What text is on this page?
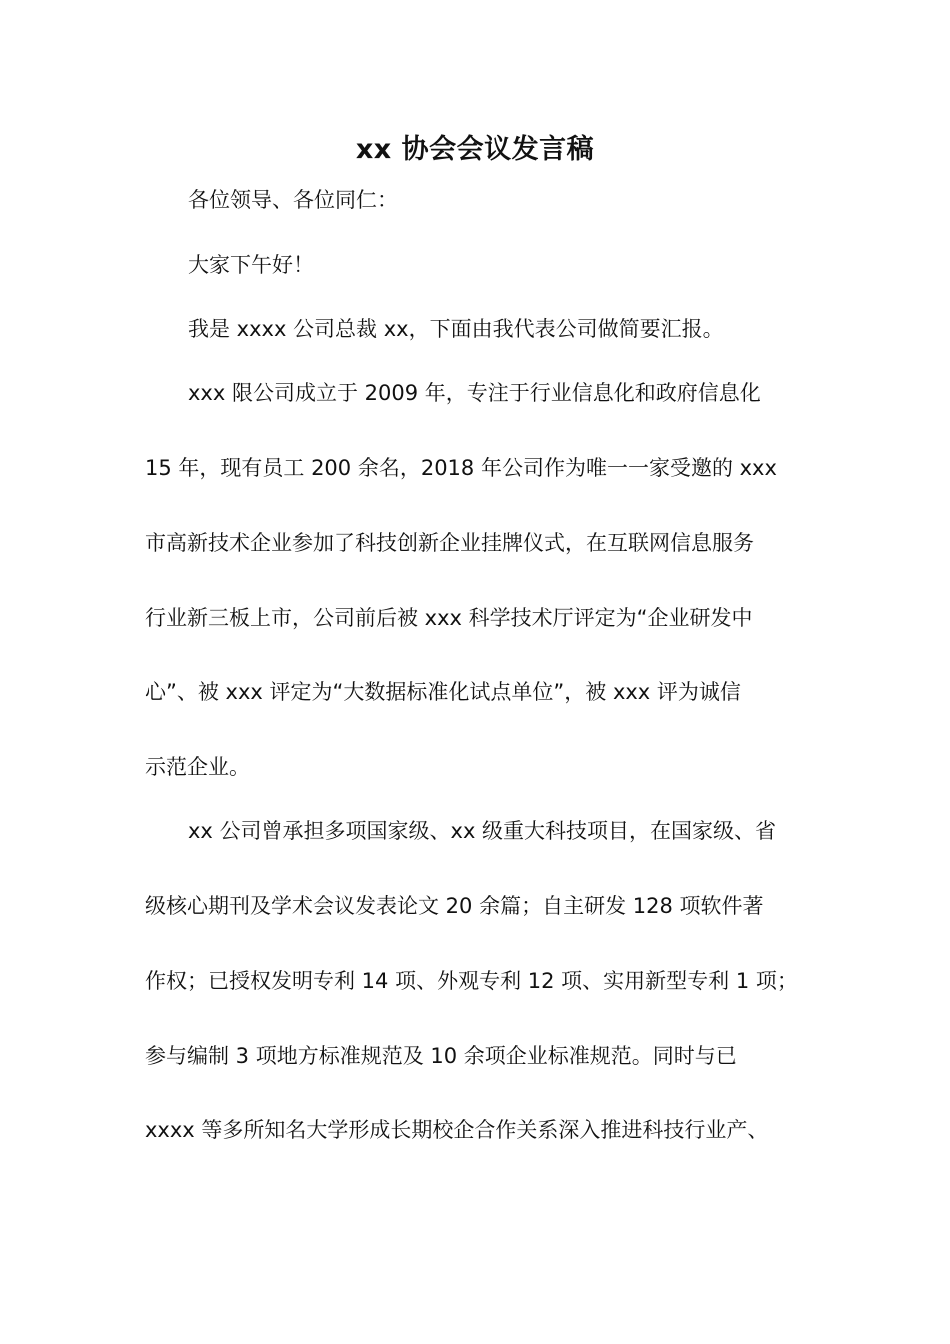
xx 协会会议发言稿
各位领导、各位同仁：
大家下午好！
我是 xxxx 公司总裁 xx，下面由我代表公司做简要汇报。
xxx 限公司成立于 2009 年，专注于行业信息化和政府信息化
15 年，现有员工 200 余名，2018 年公司作为唯一一家受邀的 xxx
市高新技术企业参加了科技创新企业挂牌仪式，在互联网信息服务
行业新三板上市，公司前后被 xxx 科学技术厅评定为“企业研发中
心”、被 xxx 评定为“大数据标准化试点单位”，被 xxx 评为诚信
示范企业。
xx 公司曾承担多项国家级、xx 级重大科技项目，在国家级、省
级核心期刊及学术会议发表论文 20 余篇；自主研发 128 项软件著
作权；已授权发明专利 14 项、外观专利 12 项、实用新型专利 1 项；
参与编制 3 项地方标准规范及 10 余项企业标准规范。同时与已
xxxx 等多所知名大学形成长期校企合作关系深入推进科技行业产、
